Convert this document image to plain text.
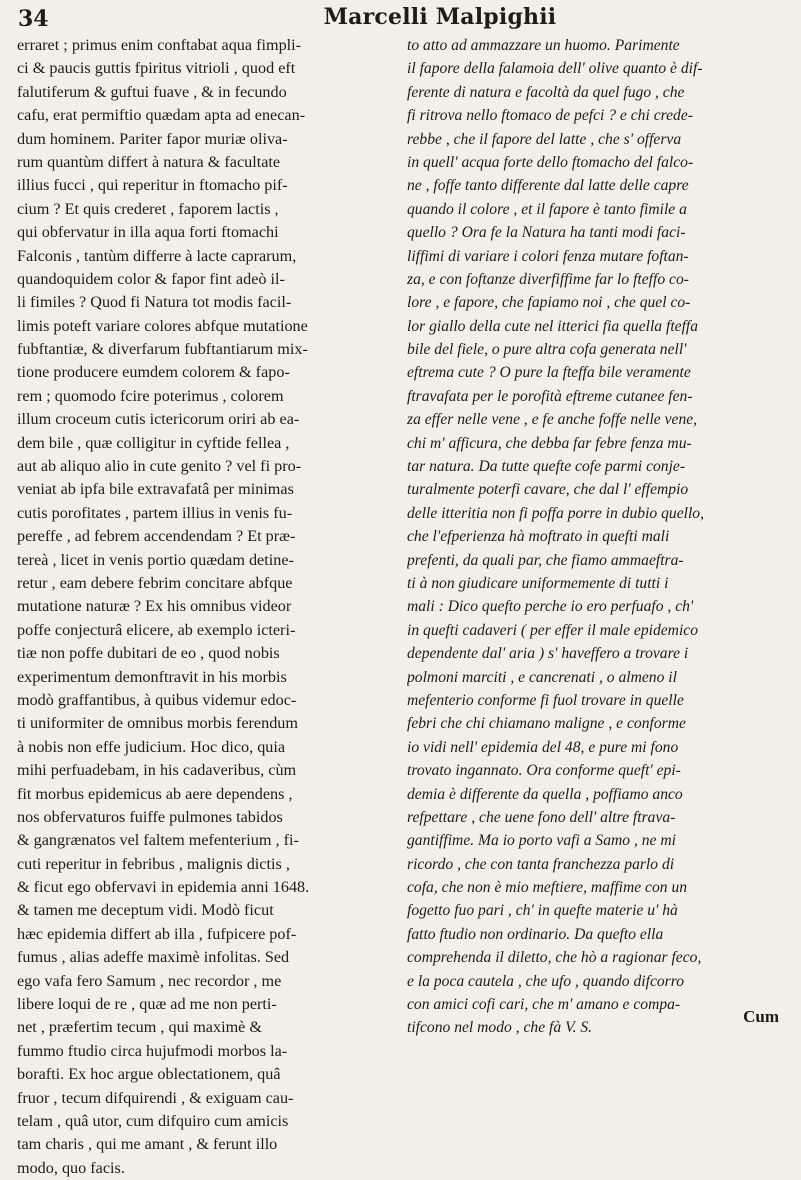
34	Marcelli Malpighii
erraret ; primus enim conftabat aqua fimpli-
ci & paucis guttis fpiritus vitrioli , quod eft
falutiferum & guftui fuave , & in fecundo
cafu, erat permiftio quædam apta ad enecan-
dum hominem. Pariter fapor muriæ oliva-
rum quantùm differt à natura & facultate
illius fucci , qui reperitur in ftomacho pif-
cium ? Et quis crederet , faporem lactis ,
qui obfervatur in illa aqua forti ftomachi
Falconis , tantùm differre à lacte caprarum,
quandoquidem color & fapor fint adeò il-
li fimiles ? Quod fi Natura tot modis facil-
limis poteft variare colores abfque mutatione
fubftantiæ, & diverfarum fubftantiarum mix-
tione producere eumdem colorem & fapo-
rem ; quomodo fcire poterimus , colorem
illum croceum cutis ictericorum oriri ab ea-
dem bile , quæ colligitur in cyftide fellea ,
aut ab aliquo alio in cute genito ? vel fi pro-
veniat ab ipfa bile extravafatâ per minimas
cutis porofitates , partem illius in venis fu-
pereffe , ad febrem accendendam ? Et præ-
tereà , licet in venis portio quædam detine-
retur , eam debere febrim concitare abfque
mutatione naturæ ? Ex his omnibus videor
poffe conjecturâ elicere, ab exemplo icteri-
tiæ non poffe dubitari de eo , quod nobis
experimentum demonftravit in his morbis
modò graffantibus, à quibus videmur edoc-
ti uniformiter de omnibus morbis ferendum
à nobis non effe judicium. Hoc dico, quia
mihi perfuadebam, in his cadaveribus, cùm
fit morbus epidemicus ab aere dependens ,
nos obfervaturos fuiffe pulmones tabidos
& gangrænatos vel faltem mefenterium , fi-
cuti reperitur in febribus , malignis dictis ,
& ficut ego obfervavi in epidemia anni 1648.
& tamen me deceptum vidi. Modò ficut
hæc epidemia differt ab illa , fufpicere pof-
fumus , alias adeffe maximè infolitas. Sed
ego vafa fero Samum , nec recordor , me
libere loqui de re , quæ ad me non perti-
net , præfertim tecum , qui maximè &
fummo ftudio circa hujufmodi morbos la-
borafti. Ex hoc argue oblectationem, quâ
fruor , tecum difquirendi , & exiguam cau-
telam , quâ utor, cum difquiro cum amicis
tam charis , qui me amant , & ferunt illo
modo, quo facis.
to atto ad ammazzare un huomo. Parimente
il fapore della falamoia dell' olive quanto è dif-
ferente di natura e facoltà da quel fugo , che
fi ritrova nello ftomaco de pefci ? e chi crede-
rebbe , che il fapore del latte , che s' offerva
in quell' acqua forte dello ftomacho del falco-
ne , foffe tanto differente dal latte delle capre
quando il colore , et il fapore è tanto fimile a
quello ? Ora fe la Natura ha tanti modi faci-
liffimi di variare i colori fenza mutare foftan-
za, e con foftanze diverfiffime far lo fteffo co-
lore , e fapore, che fapiamo noi , che quel co-
lor giallo della cute nel itterici fia quella fteffa
bile del fiele, o pure altra cofa generata nell'
eftrema cute ? O pure la fteffa bile veramente
ftravafata per le porofità eftreme cutanee fen-
za effer nelle vene , e fe anche foffe nelle vene,
chi m' afficura, che debba far febre fenza mu-
tar natura. Da tutte quefte cofe parmi conje-
turalmente poterfi cavare, che dal l' effempio
delle itteritia non fi poffa porre in dubio quello,
che l'efperienza hà moftrato in quefti mali
prefenti, da quali par, che fiamo ammaeftra-
ti à non giudicare uniformemente di tutti i
mali : Dico quefto perche io ero perfuafo , ch'
in quefti cadaveri ( per effer il male epidemico
dependente dal' aria ) s' haveffero a trovare i
polmoni marciti , e cancrenati , o almeno il
mefenterio conforme fi fuol trovare in quelle
febri che chi chiamano maligne , e conforme
io vidi nell' epidemia del 48, e pure mi fono
trovato ingannato. Ora conforme queft' epi-
demia è differente da quella , poffiamo anco
refpettare , che uene fono dell' altre ftrava-
gantiffime. Ma io porto vafi a Samo , ne mi
ricordo , che con tanta franchezza parlo di
cofa, che non è mio meftiere, maffime con un
fogetto fuo pari , ch' in quefte materie u' hà
fatto ftudio non ordinario. Da quefto ella
comprehenda il diletto, che hò a ragionar feco,
e la poca cautela , che ufo , quando difcorro
con amici cofi cari, che m' amano e compa-
tifcono nel modo , che fà V. S.
Cum
